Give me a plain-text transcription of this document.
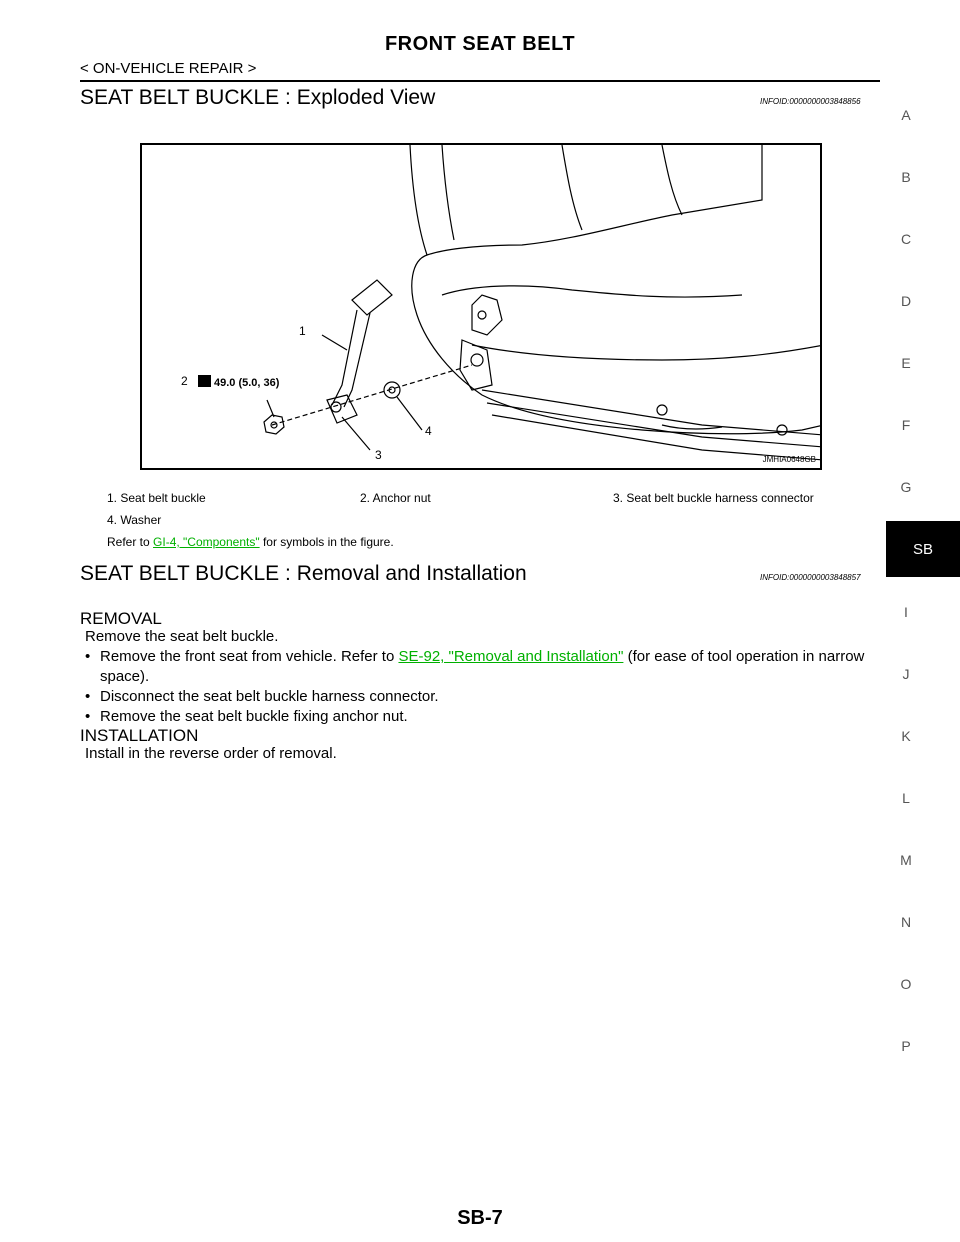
FRONT SEAT BELT
< ON-VEHICLE REPAIR >
SEAT BELT BUCKLE : Exploded View	INFOID:0000000003848856
49.0 (5.0, 36)
1
2
3
4
JMHIA0648GB
1. Seat belt buckle	2. Anchor nut	3. Seat belt buckle harness connector
4. Washer
Refer to GI-4, "Components" for symbols in the figure.
SEAT BELT BUCKLE : Removal and Installation	INFOID:0000000003848857
REMOVAL
Remove the seat belt buckle.
• Remove the front seat from vehicle. Refer to SE-92, "Removal and Installation" (for ease of tool operation in narrow space).
• Disconnect the seat belt buckle harness connector.
• Remove the seat belt buckle fixing anchor nut.
INSTALLATION
Install in the reverse order of removal.
A
B
C
D
E
F
G
SB
I
J
K
L
M
N
O
P
SB-7
